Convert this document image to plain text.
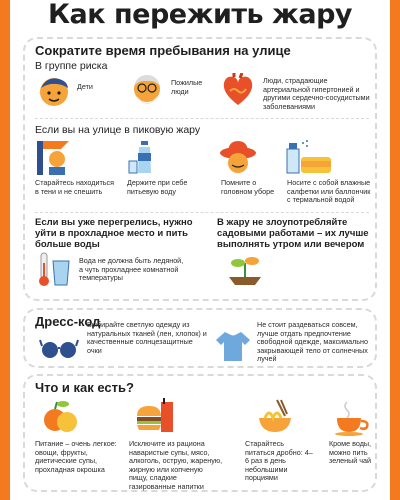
Как пережить жару
Сократите время пребывания на улице
В группе риска
Дети	Пожилые люди
Люди, страдающие артериальной гипертонией и другими сердечно-сосудистыми заболеваниями
Если вы на улице в пиковую жару
Старайтесь находиться в тени и не спешить
Держите при себе питьевую воду
Помните о головном уборе
Носите с собой влажные салфетки или баллончик с термальной водой
Если вы уже перегрелись, нужно уйти в прохладное место и пить больше воды
Вода не должна быть ледяной, а чуть прохладнее комнатной температуры
В жару не злоупотребляйте садовыми работами – их лучше выполнять утром или вечером
Дресс-код
Выбирайте светлую одежду из натуральных тканей (лен, хлопок) и качественные солнцезащитные очки
Не стоит раздеваться совсем, лучше отдать предпочтение свободной одежде, максимально закрывающей тело от солнечных лучей
Что и как есть?
Питание – очень легкое: овощи, фрукты, диетические супы, прохладная окрошка
Исключите из рациона наваристые супы, мясо, алкоголь, острую, жареную, жирную или копченую пищу, сладкие газированные напитки
Старайтесь питаться дробно: 4–6 раз в день небольшими порциями
Кроме воды, можно пить зеленый чай
